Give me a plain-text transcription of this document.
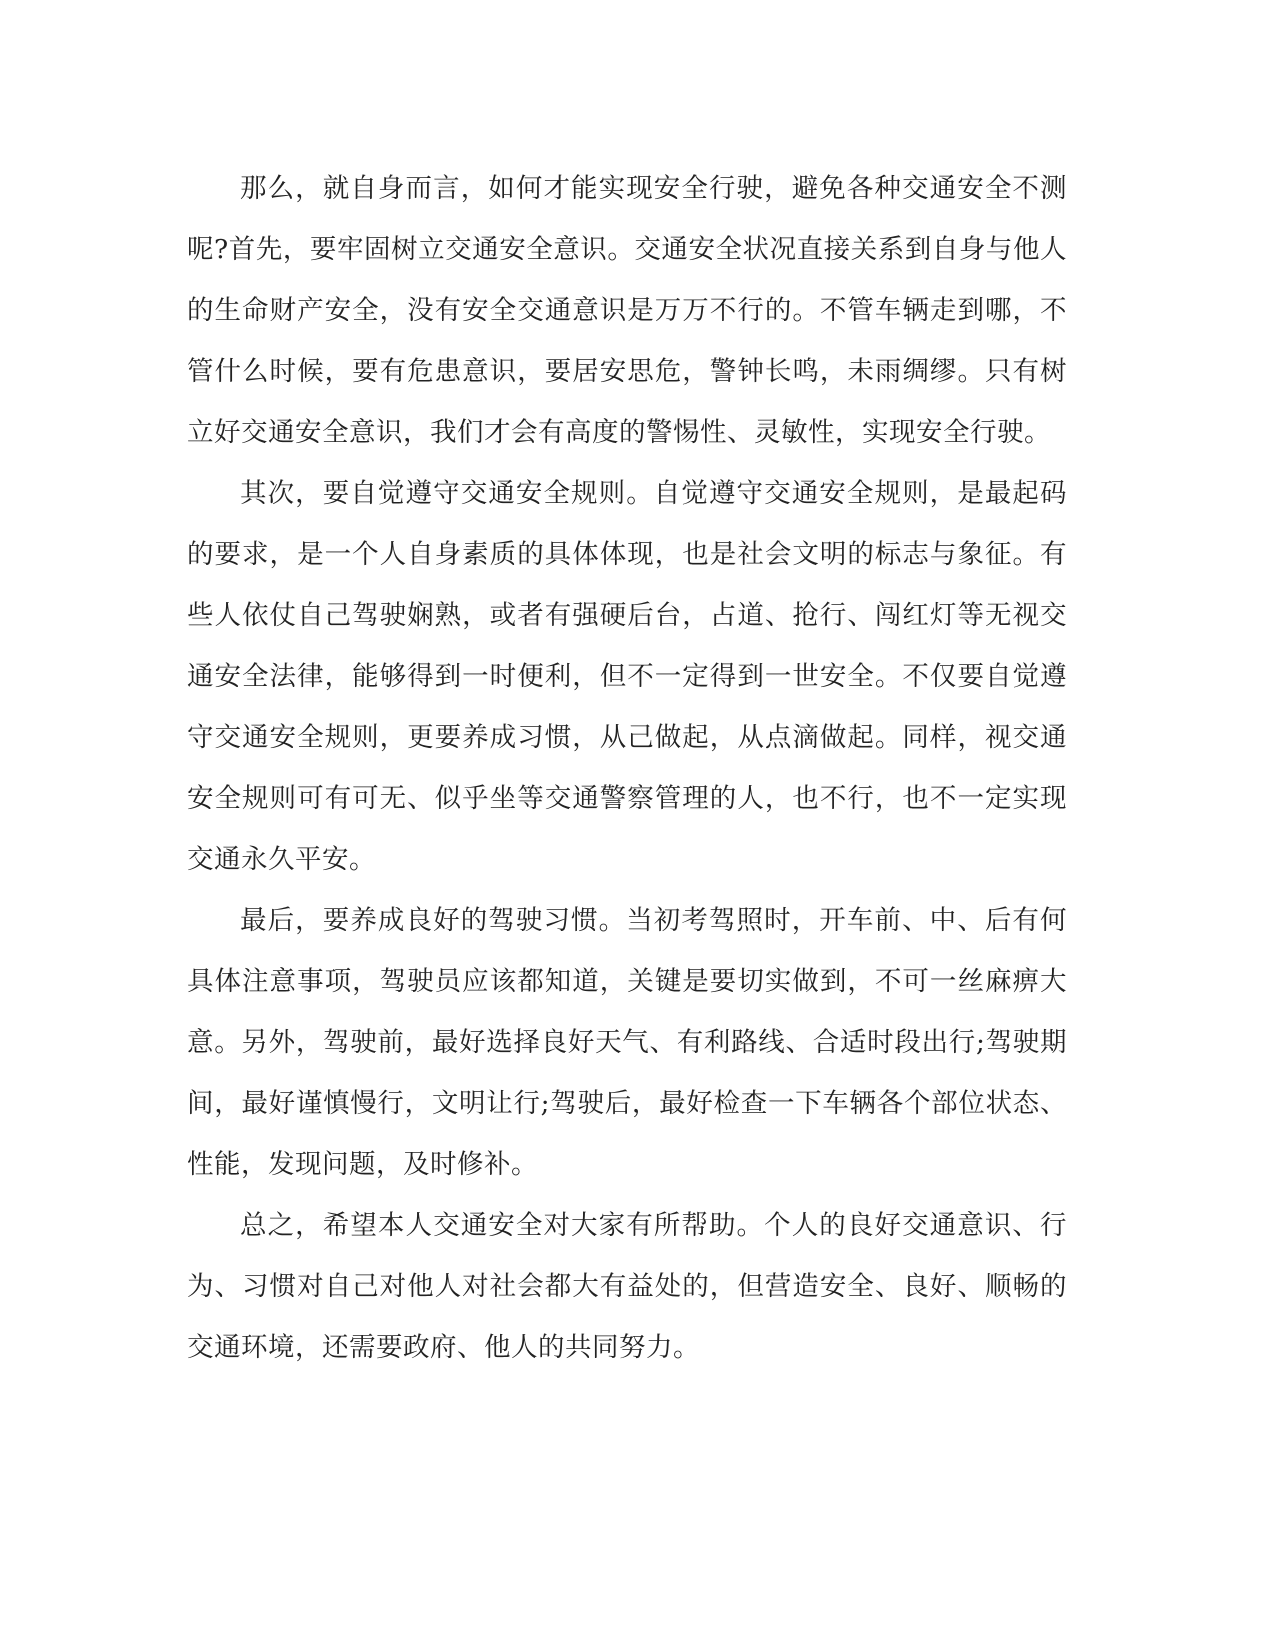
那么，就自身而言，如何才能实现安全行驶，避免各种交通安全不测呢?首先，要牢固树立交通安全意识。交通安全状况直接关系到自身与他人的生命财产安全，没有安全交通意识是万万不行的。不管车辆走到哪，不管什么时候，要有危患意识，要居安思危，警钟长鸣，未雨绸缪。只有树立好交通安全意识，我们才会有高度的警惕性、灵敏性，实现安全行驶。

其次，要自觉遵守交通安全规则。自觉遵守交通安全规则，是最起码的要求，是一个人自身素质的具体体现，也是社会文明的标志与象征。有些人依仗自己驾驶娴熟，或者有强硬后台，占道、抢行、闯红灯等无视交通安全法律，能够得到一时便利，但不一定得到一世安全。不仅要自觉遵守交通安全规则，更要养成习惯，从己做起，从点滴做起。同样，视交通安全规则可有可无、似乎坐等交通警察管理的人，也不行，也不一定实现交通永久平安。

最后，要养成良好的驾驶习惯。当初考驾照时，开车前、中、后有何具体注意事项，驾驶员应该都知道，关键是要切实做到，不可一丝麻痹大意。另外，驾驶前，最好选择良好天气、有利路线、合适时段出行;驾驶期间，最好谨慎慢行，文明让行;驾驶后，最好检查一下车辆各个部位状态、性能，发现问题，及时修补。

总之，希望本人交通安全对大家有所帮助。个人的良好交通意识、行为、习惯对自己对他人对社会都大有益处的，但营造安全、良好、顺畅的交通环境，还需要政府、他人的共同努力。
